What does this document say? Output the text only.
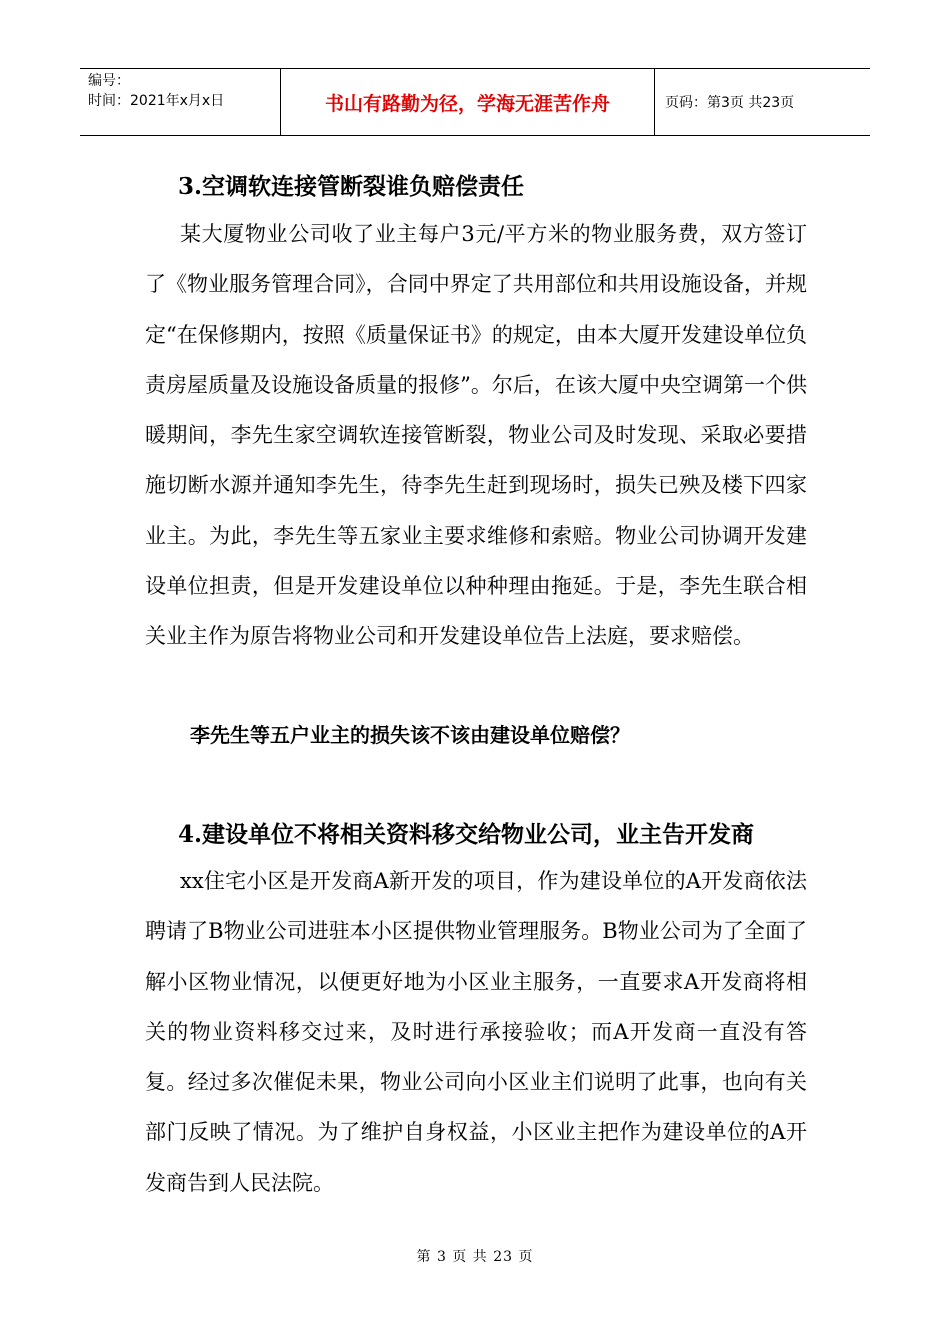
编号：
时间：2021年x月x日	书山有路勤为径，学海无涯苦作舟	页码：第3页 共23页
3.空调软连接管断裂谁负赔偿责任

某大厦物业公司收了业主每户3元/平方米的物业服务费，双方签订了《物业服务管理合同》，合同中界定了共用部位和共用设施设备，并规定“在保修期内，按照《质量保证书》的规定，由本大厦开发建设单位负责房屋质量及设施设备质量的报修”。尔后，在该大厦中央空调第一个供暖期间，李先生家空调软连接管断裂，物业公司及时发现、采取必要措施切断水源并通知李先生，待李先生赶到现场时，损失已殃及楼下四家业主。为此，李先生等五家业主要求维修和索赔。物业公司协调开发建设单位担责，但是开发建设单位以种种理由拖延。于是，李先生联合相关业主作为原告将物业公司和开发建设单位告上法庭，要求赔偿。

李先生等五户业主的损失该不该由建设单位赔偿？
4.建设单位不将相关资料移交给物业公司，业主告开发商

xx住宅小区是开发商A新开发的项目，作为建设单位的A开发商依法聘请了B物业公司进驻本小区提供物业管理服务。B物业公司为了全面了解小区物业情况，以便更好地为小区业主服务，一直要求A开发商将相关的物业资料移交过来，及时进行承接验收；而A开发商一直没有答复。经过多次催促未果，物业公司向小区业主们说明了此事，也向有关部门反映了情况。为了维护自身权益，小区业主把作为建设单位的A开发商告到人民法院。

第 3 页 共 23 页
